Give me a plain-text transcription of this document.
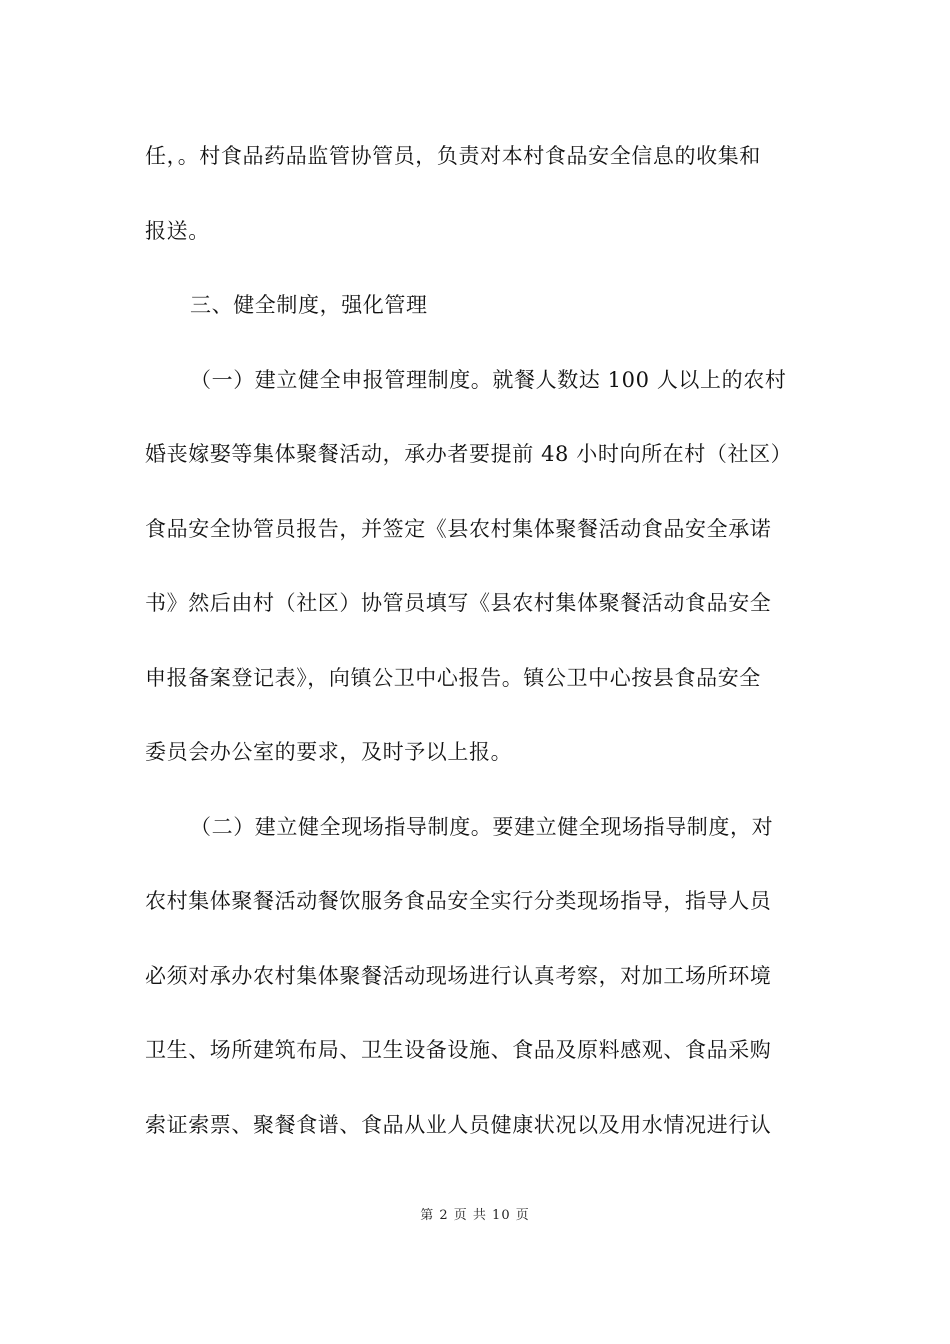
任，。村食品药品监管协管员，负责对本村食品安全信息的收集和
报送。
三、健全制度，强化管理
（一）建立健全申报管理制度。就餐人数达 100 人以上的农村
婚丧嫁娶等集体聚餐活动，承办者要提前 48 小时向所在村（社区）
食品安全协管员报告，并签定《县农村集体聚餐活动食品安全承诺
书》然后由村（社区）协管员填写《县农村集体聚餐活动食品安全
申报备案登记表》，向镇公卫中心报告。镇公卫中心按县食品安全
委员会办公室的要求，及时予以上报。
（二）建立健全现场指导制度。要建立健全现场指导制度，对
农村集体聚餐活动餐饮服务食品安全实行分类现场指导，指导人员
必须对承办农村集体聚餐活动现场进行认真考察，对加工场所环境
卫生、场所建筑布局、卫生设备设施、食品及原料感观、食品采购
索证索票、聚餐食谱、食品从业人员健康状况以及用水情况进行认
第 2 页 共 10 页
